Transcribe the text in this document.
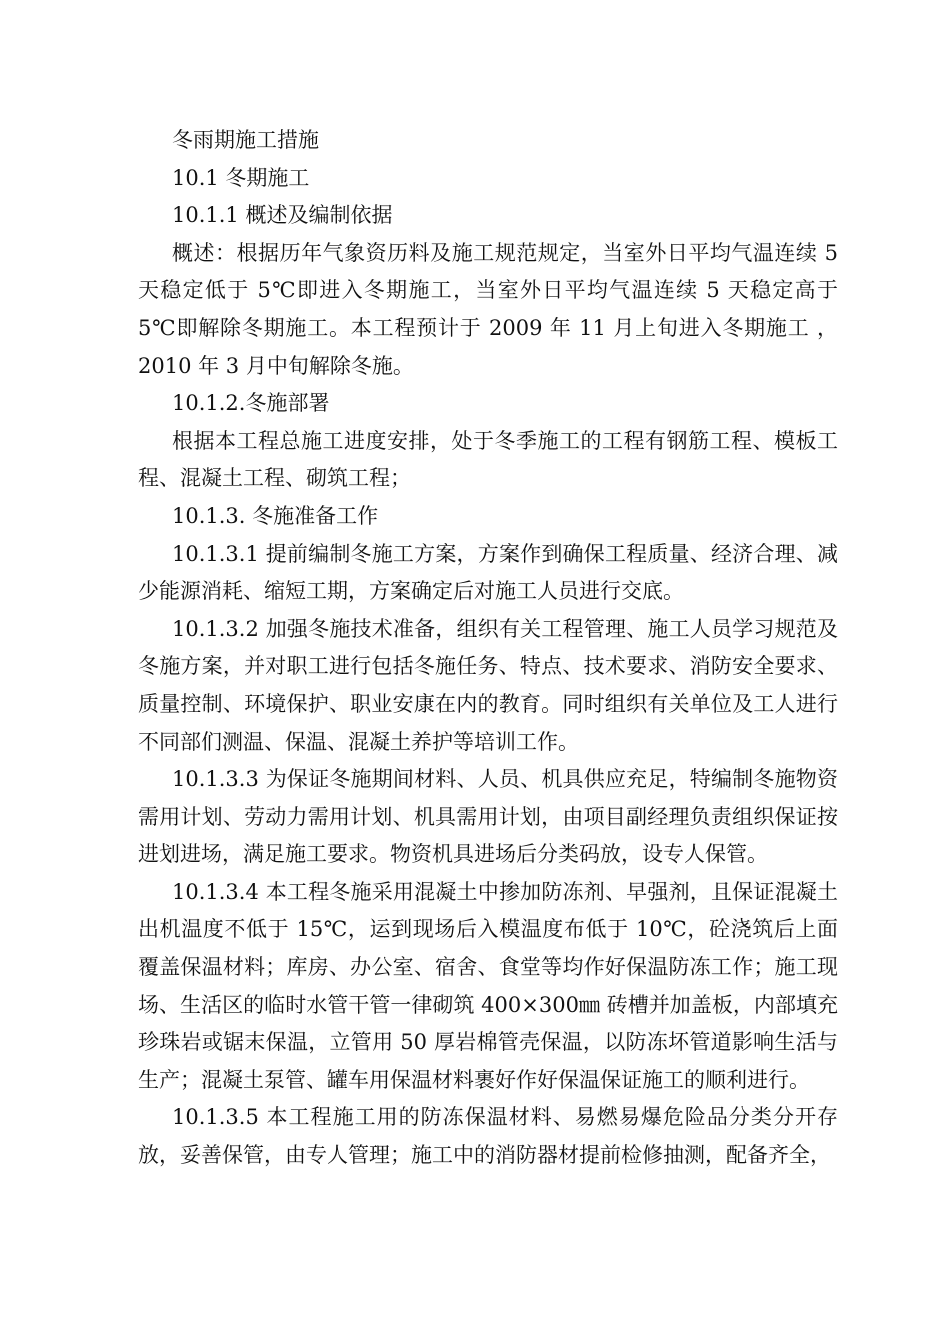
冬雨期施工措施

10.1 冬期施工

10.1.1 概述及编制依据

概述：根据历年气象资历料及施工规范规定，当室外日平均气温连续 5 天稳定低于 5℃即进入冬期施工，当室外日平均气温连续 5 天稳定高于 5℃即解除冬期施工。本工程预计于 2009 年 11 月上旬进入冬期施工 ，2010 年 3 月中旬解除冬施。

10.1.2.冬施部署

根据本工程总施工进度安排，处于冬季施工的工程有钢筋工程、模板工程、混凝土工程、砌筑工程；

10.1.3. 冬施准备工作

10.1.3.1 提前编制冬施工方案，方案作到确保工程质量、经济合理、减少能源消耗、缩短工期，方案确定后对施工人员进行交底。

10.1.3.2 加强冬施技术准备，组织有关工程管理、施工人员学习规范及冬施方案，并对职工进行包括冬施任务、特点、技术要求、消防安全要求、质量控制、环境保护、职业安康在内的教育。同时组织有关单位及工人进行不同部们测温、保温、混凝土养护等培训工作。

10.1.3.3 为保证冬施期间材料、人员、机具供应充足，特编制冬施物资需用计划、劳动力需用计划、机具需用计划，由项目副经理负责组织保证按进划进场，满足施工要求。物资机具进场后分类码放，设专人保管。

10.1.3.4 本工程冬施采用混凝土中掺加防冻剂、早强剂，且保证混凝土出机温度不低于 15℃，运到现场后入模温度布低于 10℃，砼浇筑后上面覆盖保温材料；库房、办公室、宿舍、食堂等均作好保温防冻工作；施工现场、生活区的临时水管干管一律砌筑 400×300㎜ 砖槽并加盖板，内部填充珍珠岩或锯末保温，立管用 50 厚岩棉管壳保温，以防冻坏管道影响生活与生产；混凝土泵管、罐车用保温材料裹好作好保温保证施工的顺利进行。

10.1.3.5 本工程施工用的防冻保温材料、易燃易爆危险品分类分开存放，妥善保管，由专人管理；施工中的消防器材提前检修抽测，配备齐全，
